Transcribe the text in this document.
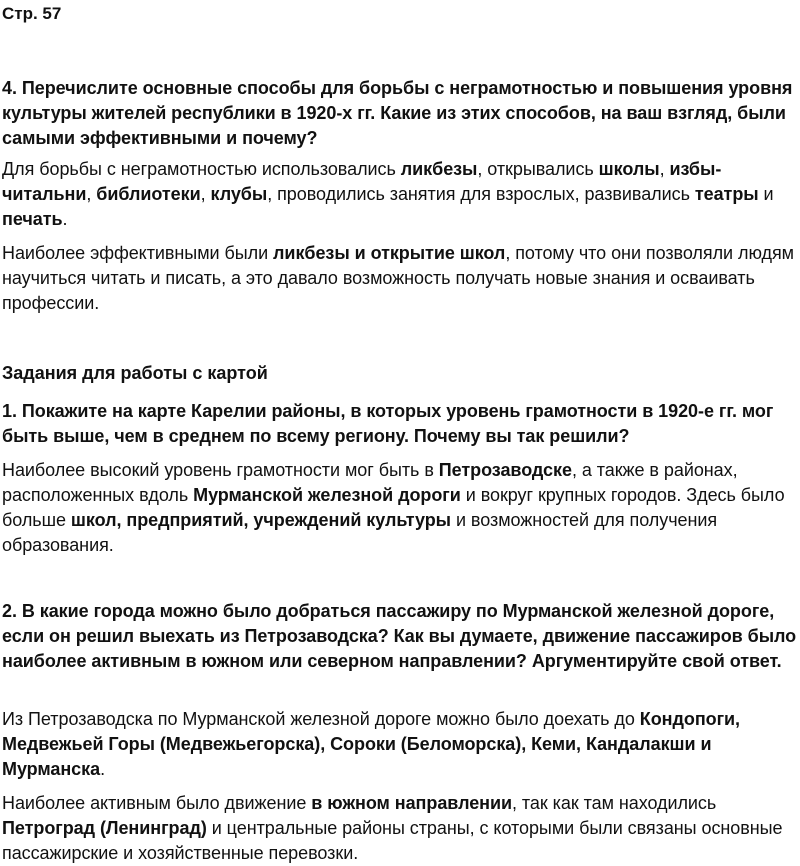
Стр. 57

4. Перечислите основные способы для борьбы с неграмотностью и повышения уровня культуры жителей республики в 1920-х гг. Какие из этих способов, на ваш взгляд, были самыми эффективными и почему?

Для борьбы с неграмотностью использовались ликбезы, открывались школы, избы-читальни, библиотеки, клубы, проводились занятия для взрослых, развивались театры и печать.

Наиболее эффективными были ликбезы и открытие школ, потому что они позволяли людям научиться читать и писать, а это давало возможность получать новые знания и осваивать профессии.

Задания для работы с картой

1. Покажите на карте Карелии районы, в которых уровень грамотности в 1920-е гг. мог быть выше, чем в среднем по всему региону. Почему вы так решили?

Наиболее высокий уровень грамотности мог быть в Петрозаводске, а также в районах, расположенных вдоль Мурманской железной дороги и вокруг крупных городов. Здесь было больше школ, предприятий, учреждений культуры и возможностей для получения образования.

2. В какие города можно было добраться пассажиру по Мурманской железной дороге, если он решил выехать из Петрозаводска? Как вы думаете, движение пассажиров было наиболее активным в южном или северном направлении? Аргументируйте свой ответ.

Из Петрозаводска по Мурманской железной дороге можно было доехать до Кондопоги, Медвежьей Горы (Медвежьегорска), Сороки (Беломорска), Кеми, Кандалакши и Мурманска.

Наиболее активным было движение в южном направлении, так как там находились Петроград (Ленинград) и центральные районы страны, с которыми были связаны основные пассажирские и хозяйственные перевозки.
